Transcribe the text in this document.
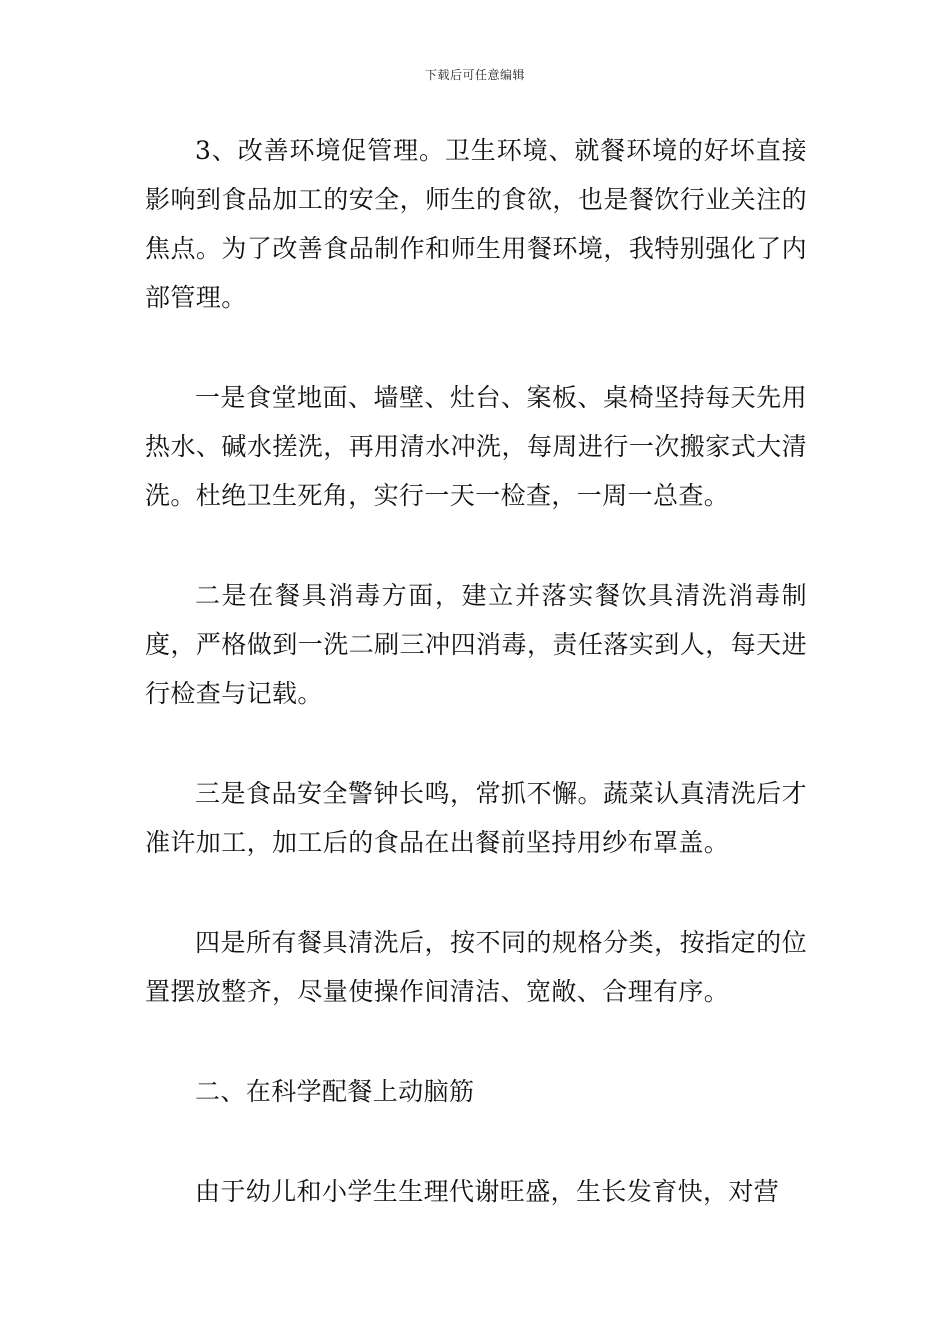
下载后可任意编辑

3、改善环境促管理。卫生环境、就餐环境的好坏直接影响到食品加工的安全，师生的食欲，也是餐饮行业关注的焦点。为了改善食品制作和师生用餐环境，我特别强化了内部管理。

一是食堂地面、墙壁、灶台、案板、桌椅坚持每天先用热水、碱水搓洗，再用清水冲洗，每周进行一次搬家式大清洗。杜绝卫生死角，实行一天一检查，一周一总查。

二是在餐具消毒方面，建立并落实餐饮具清洗消毒制度，严格做到一洗二刷三冲四消毒，责任落实到人，每天进行检查与记载。

三是食品安全警钟长鸣，常抓不懈。蔬菜认真清洗后才准许加工，加工后的食品在出餐前坚持用纱布罩盖。

四是所有餐具清洗后，按不同的规格分类，按指定的位置摆放整齐，尽量使操作间清洁、宽敞、合理有序。

二、在科学配餐上动脑筋

由于幼儿和小学生生理代谢旺盛，生长发育快，对营
